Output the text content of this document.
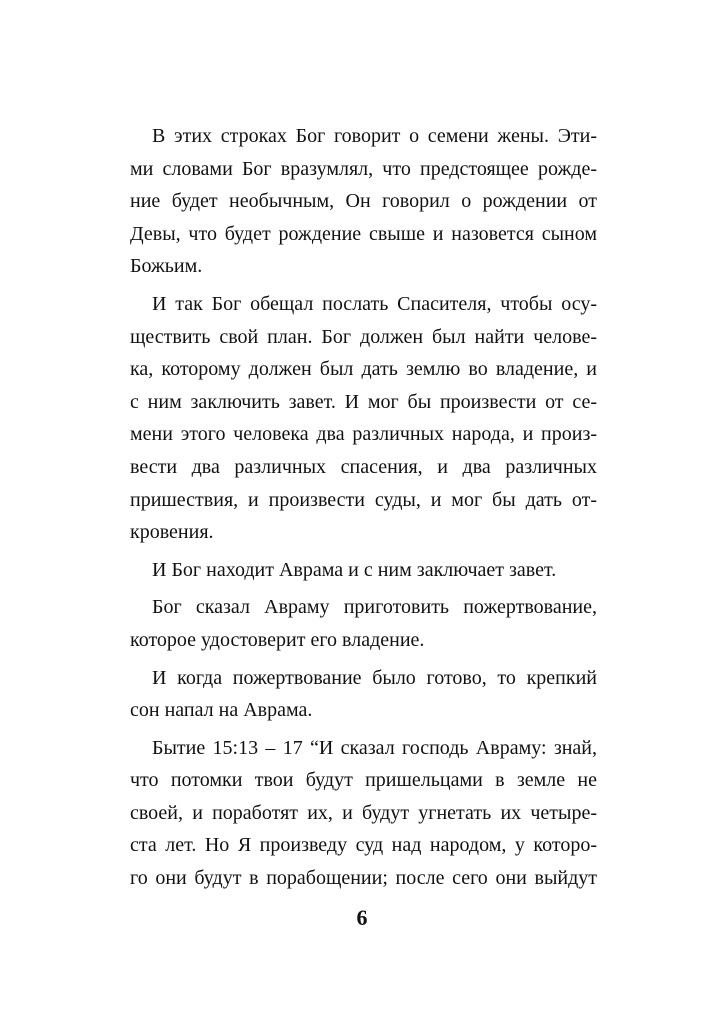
В этих строках Бог говорит о семени жены. Эти-
ми словами Бог вразумлял, что предстоящее рожде-
ние будет необычным, Он говорил о рождении от
Девы, что будет рождение свыше и назовется сыном
Божьим.
И так Бог обещал послать Спасителя, чтобы осу-
ществить свой план. Бог должен был найти челове-
ка, которому должен был дать землю во владение, и
с ним заключить завет. И мог бы произвести от се-
мени этого человека два различных народа, и произ-
вести два различных спасения, и два различных
пришествия, и произвести суды, и мог бы дать от-
кровения.
И Бог находит Аврама и с ним заключает завет.
Бог сказал Авраму приготовить пожертвование,
которое удостоверит его владение.
И когда пожертвование было готово, то крепкий
сон напал на Аврама.
Бытие 15:13 – 17 “И сказал господь Авраму: знай,
что потомки твои будут пришельцами в земле не
своей, и поработят их, и будут угнетать их четыре-
ста лет. Но Я произведу суд над народом, у которо-
го они будут в порабощении; после сего они выйдут
6
